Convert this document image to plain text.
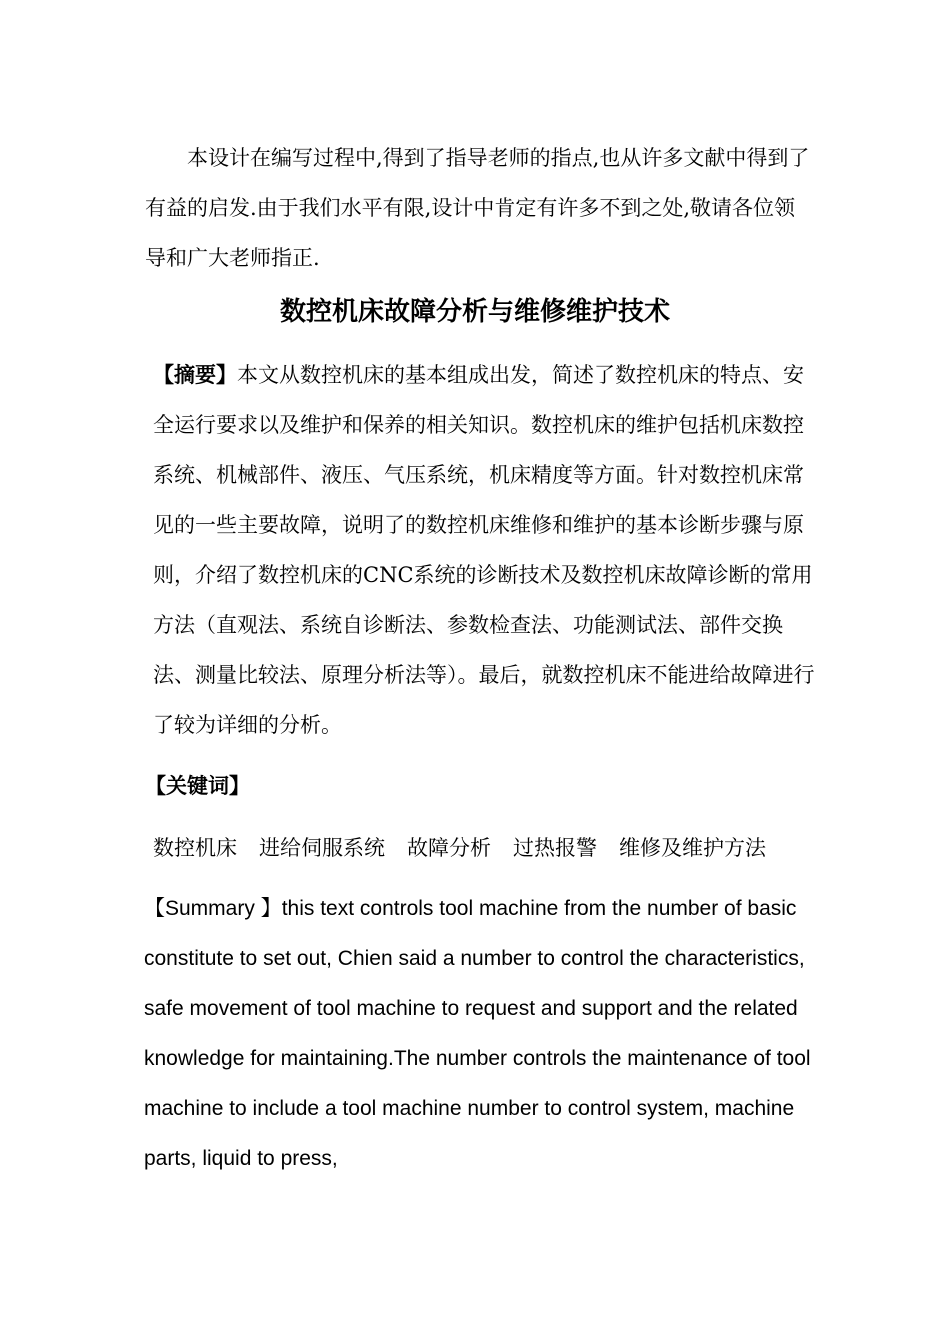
本设计在编写过程中,得到了指导老师的指点,也从许多文献中得到了有益的启发.由于我们水平有限,设计中肯定有许多不到之处,敬请各位领导和广大老师指正.

数控机床故障分析与维修维护技术

【摘要】本文从数控机床的基本组成出发，简述了数控机床的特点、安全运行要求以及维护和保养的相关知识。数控机床的维护包括机床数控系统、机械部件、液压、气压系统，机床精度等方面。针对数控机床常见的一些主要故障，说明了的数控机床维修和维护的基本诊断步骤与原则，介绍了数控机床的CNC系统的诊断技术及数控机床故障诊断的常用方法（直观法、系统自诊断法、参数检查法、功能测试法、部件交换法、测量比较法、原理分析法等）。最后，就数控机床不能进给故障进行了较为详细的分析。

【关键词】
数控机床 进给伺服系统 故障分析 过热报警 维修及维护方法

【Summary 】this text controls tool machine from the number of basic constitute to set out, Chien said a number to control the characteristics, safe movement of tool machine to request and support and the related knowledge for maintaining.The number controls the maintenance of tool machine to include a tool machine number to control system, machine parts, liquid to press,
